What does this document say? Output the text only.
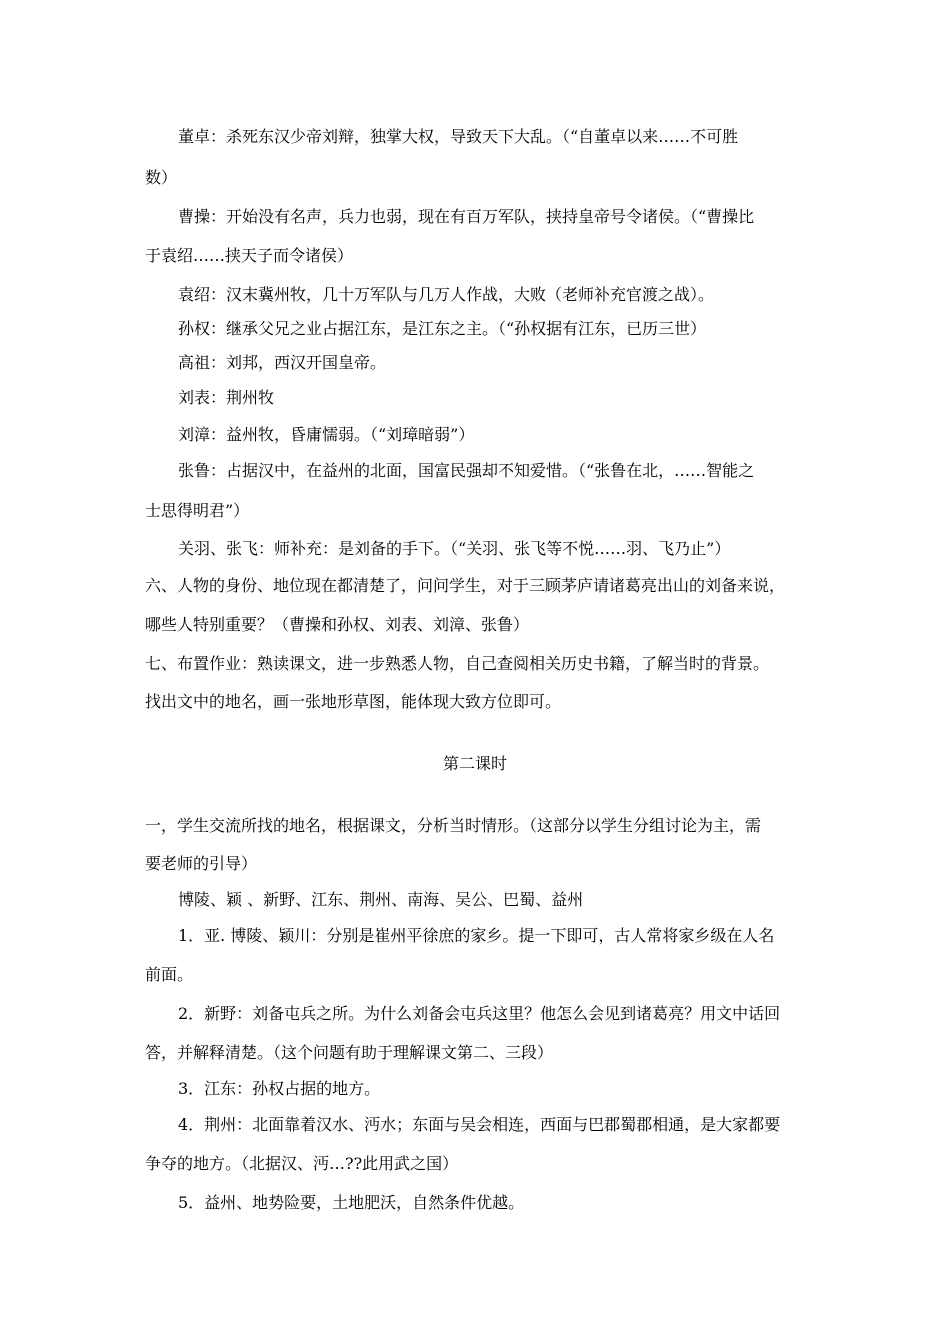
董卓：杀死东汉少帝刘辩，独掌大权，导致天下大乱。（“自董卓以来……不可胜
数）
曹操：开始没有名声，兵力也弱，现在有百万军队，挟持皇帝号令诸侯。（“曹操比
于袁绍……挟天子而令诸侯）
袁绍：汉末冀州牧，几十万军队与几万人作战，大败（老师补充官渡之战）。
孙权：继承父兄之业占据江东，是江东之主。（“孙权据有江东，已历三世）
高祖：刘邦，西汉开国皇帝。
刘表：荆州牧
刘漳：益州牧，昏庸懦弱。（“刘璋暗弱”）
张鲁：占据汉中，在益州的北面，国富民强却不知爱惜。（“张鲁在北，……智能之
士思得明君”）
关羽、张飞：师补充：是刘备的手下。（“关羽、张飞等不悦……羽、飞乃止”）
六、人物的身份、地位现在都清楚了，问问学生，对于三顾茅庐请诸葛亮出山的刘备来说，
哪些人特别重要？（曹操和孙权、刘表、刘漳、张鲁）
七、布置作业：熟读课文，进一步熟悉人物，自己查阅相关历史书籍，了解当时的背景。
找出文中的地名，画一张地形草图，能体现大致方位即可。
第二课时
一，学生交流所找的地名，根据课文，分析当时情形。（这部分以学生分组讨论为主，需
要老师的引导）
博陵、颖 、新野、江东、荆州、南海、吴公、巴蜀、益州
1．亚. 博陵、颖川：分别是崔州平徐庶的家乡。提一下即可，古人常将家乡级在人名
前面。
2．新野：刘备屯兵之所。为什么刘备会屯兵这里？他怎么会见到诸葛亮？用文中话回
答，并解释清楚。（这个问题有助于理解课文第二、三段）
3．江东：孙权占据的地方。
4．荆州：北面靠着汉水、沔水；东面与吴会相连，西面与巴郡蜀郡相通，是大家都要
争夺的地方。（北据汉、沔…??此用武之国）
5．益州、地势险要，土地肥沃，自然条件优越。
